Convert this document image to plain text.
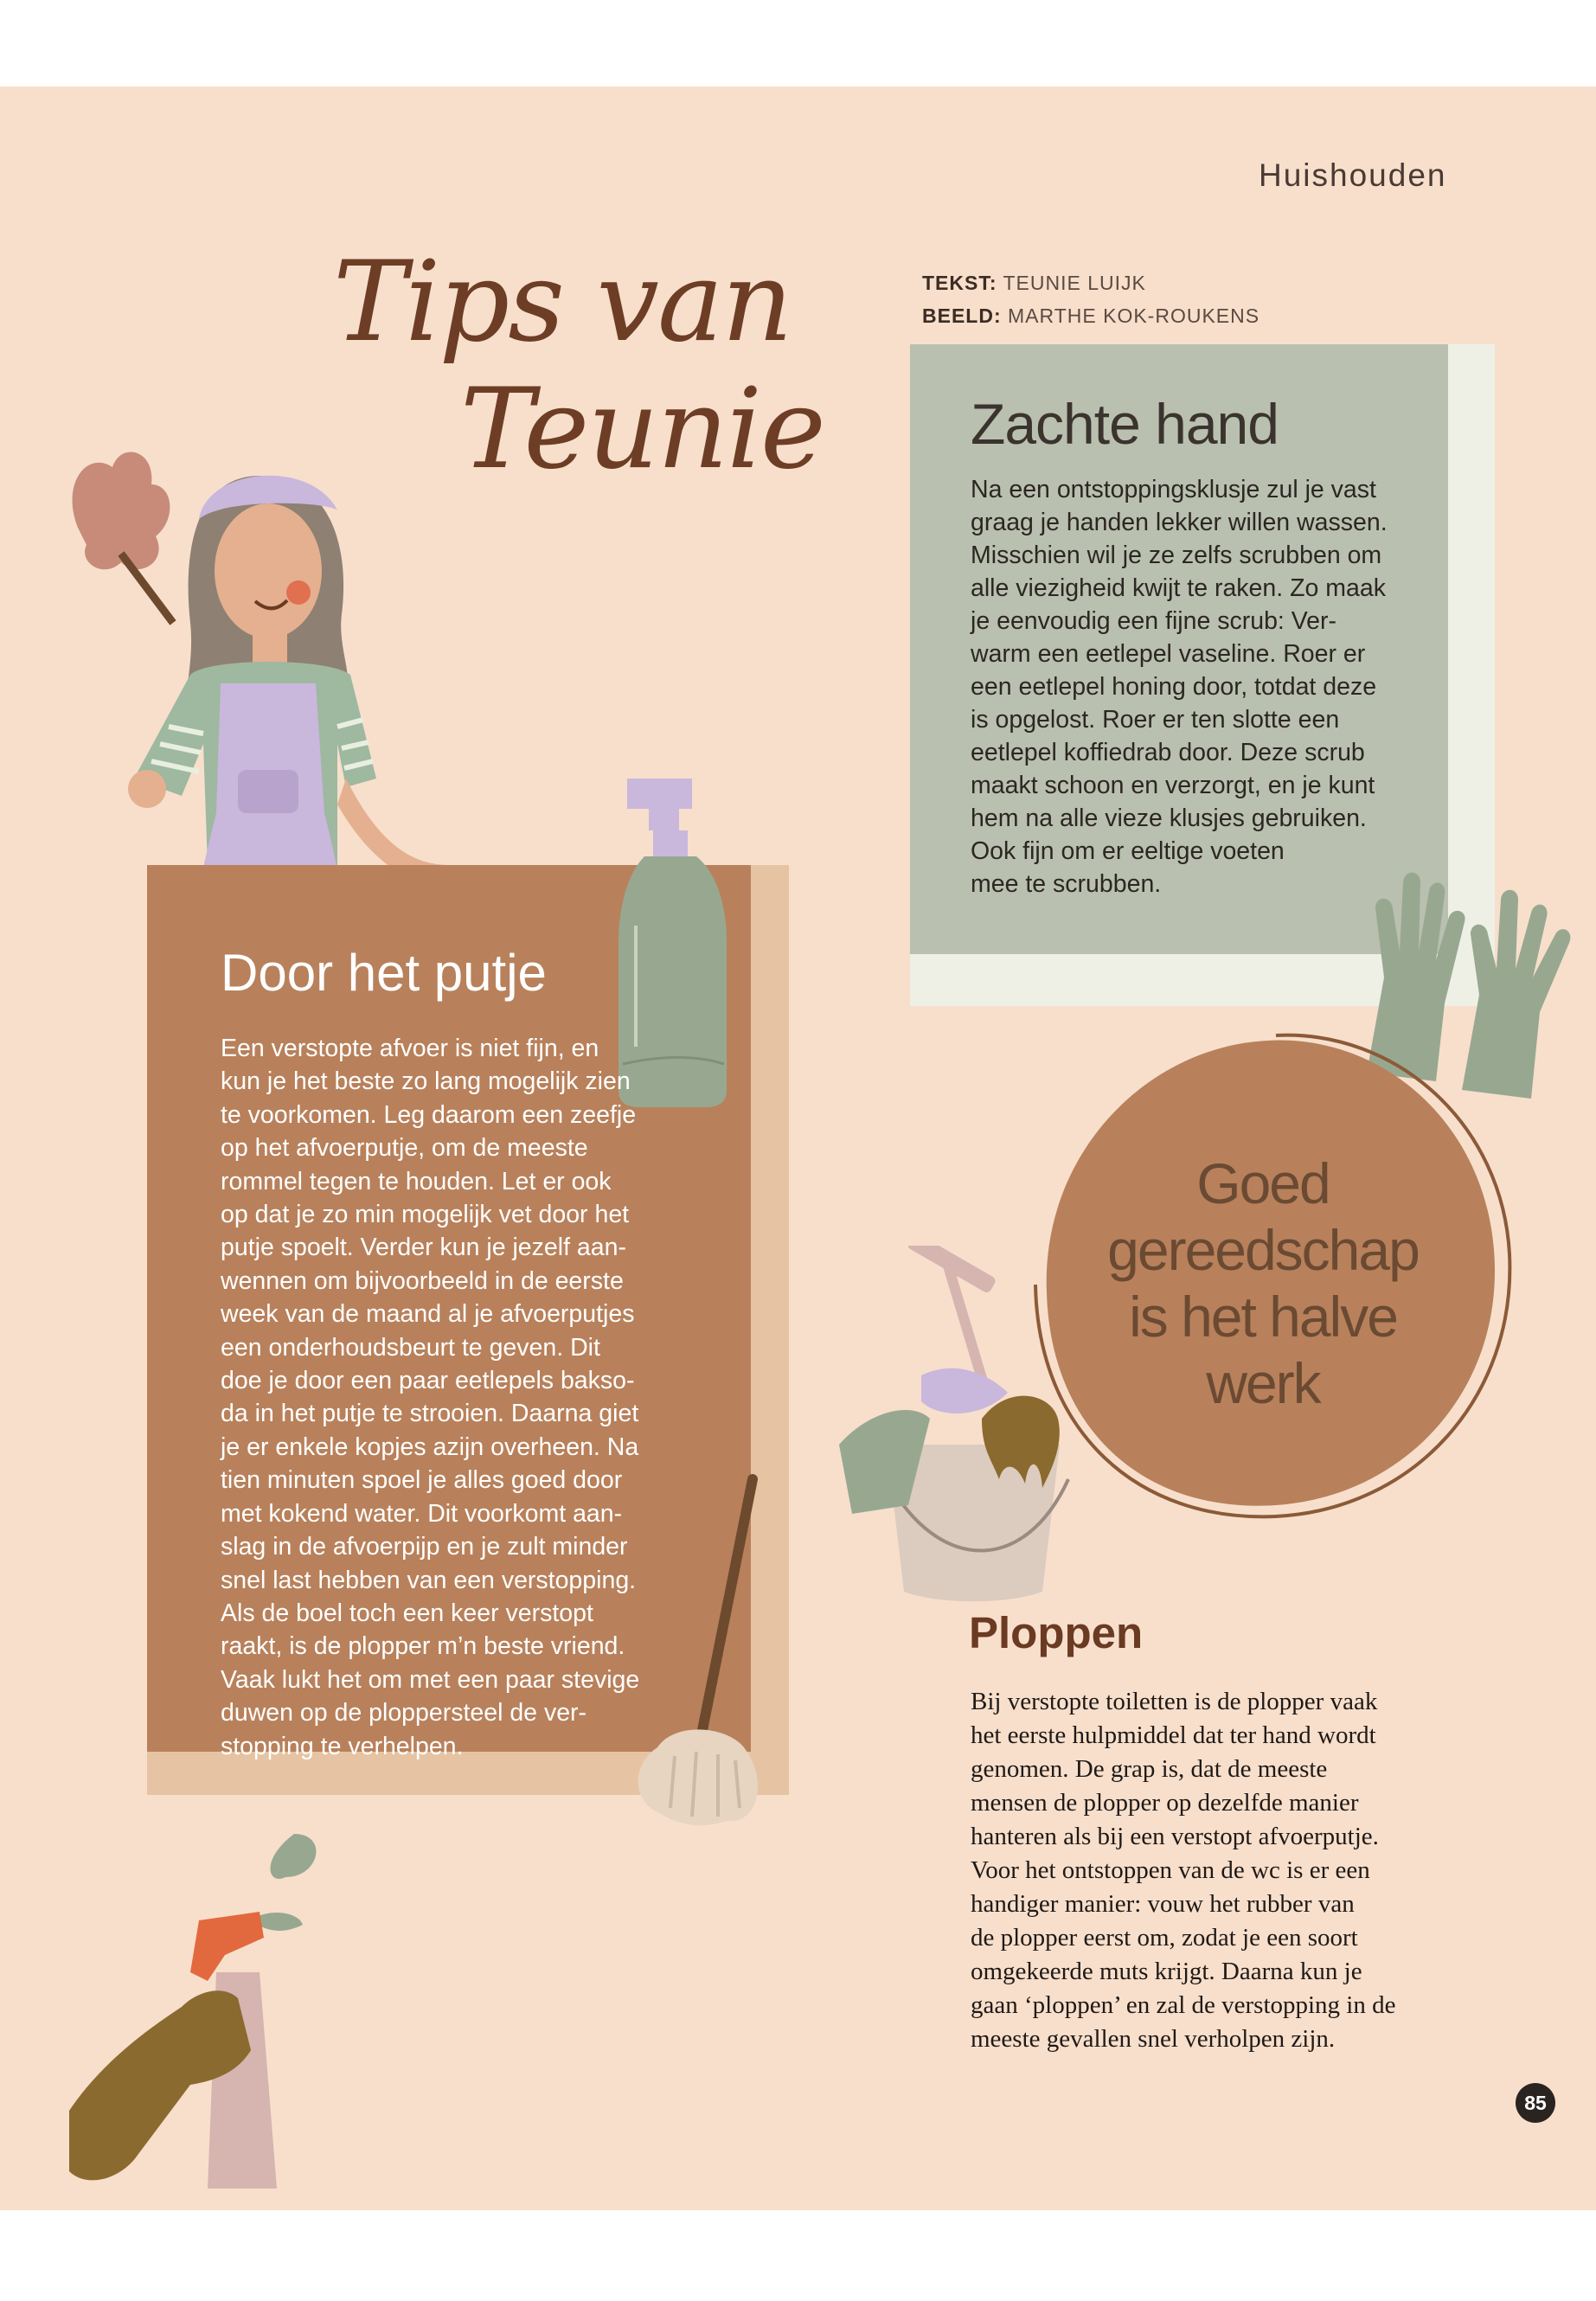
Huishouden
Tips van
Teunie
TEKST: TEUNIE LUIJK
BEELD: MARTHE KOK-ROUKENS
Zachte hand

Na een ontstoppingsklusje zul je vast

graag je handen lekker willen wassen.

Misschien wil je ze zelfs scrubben om

alle viezigheid kwijt te raken. Zo maak

je eenvoudig een fijne scrub: Ver-

warm een eetlepel vaseline. Roer er

een eetlepel honing door, totdat deze

is opgelost. Roer er ten slotte een

eetlepel koffiedrab door. Deze scrub

maakt schoon en verzorgt, en je kunt

hem na alle vieze klusjes gebruiken.

Ook fijn om er eeltige voeten

mee te scrubben.

Door het putje

Een verstopte afvoer is niet fijn, en

kun je het beste zo lang mogelijk zien

te voorkomen. Leg daarom een zeefje

op het afvoerputje, om de meeste

rommel tegen te houden. Let er ook

op dat je zo min mogelijk vet door het

putje spoelt. Verder kun je jezelf aan-

wennen om bijvoorbeeld in de eerste

week van de maand al je afvoerputjes

een onderhoudsbeurt te geven. Dit

doe je door een paar eetlepels bakso-

da in het putje te strooien. Daarna giet

je er enkele kopjes azijn overheen. Na

tien minuten spoel je alles goed door

met kokend water. Dit voorkomt aan-

slag in de afvoerpijp en je zult minder

snel last hebben van een verstopping.

Als de boel toch een keer verstopt

raakt, is de plopper m’n beste vriend.

Vaak lukt het om met een paar stevige

duwen op de ploppersteel de ver-

stopping te verhelpen.

Goed

gereedschap

is het halve

werk

Ploppen

Bij verstopte toiletten is de plopper vaak

het eerste hulpmiddel dat ter hand wordt

genomen. De grap is, dat de meeste

mensen de plopper op dezelfde manier

hanteren als bij een verstopt afvoerputje.

Voor het ontstoppen van de wc is er een

handiger manier: vouw het rubber van

de plopper eerst om, zodat je een soort

omgekeerde muts krijgt. Daarna kun je

gaan ‘ploppen’ en zal de verstopping in de

meeste gevallen snel verholpen zijn.

85
